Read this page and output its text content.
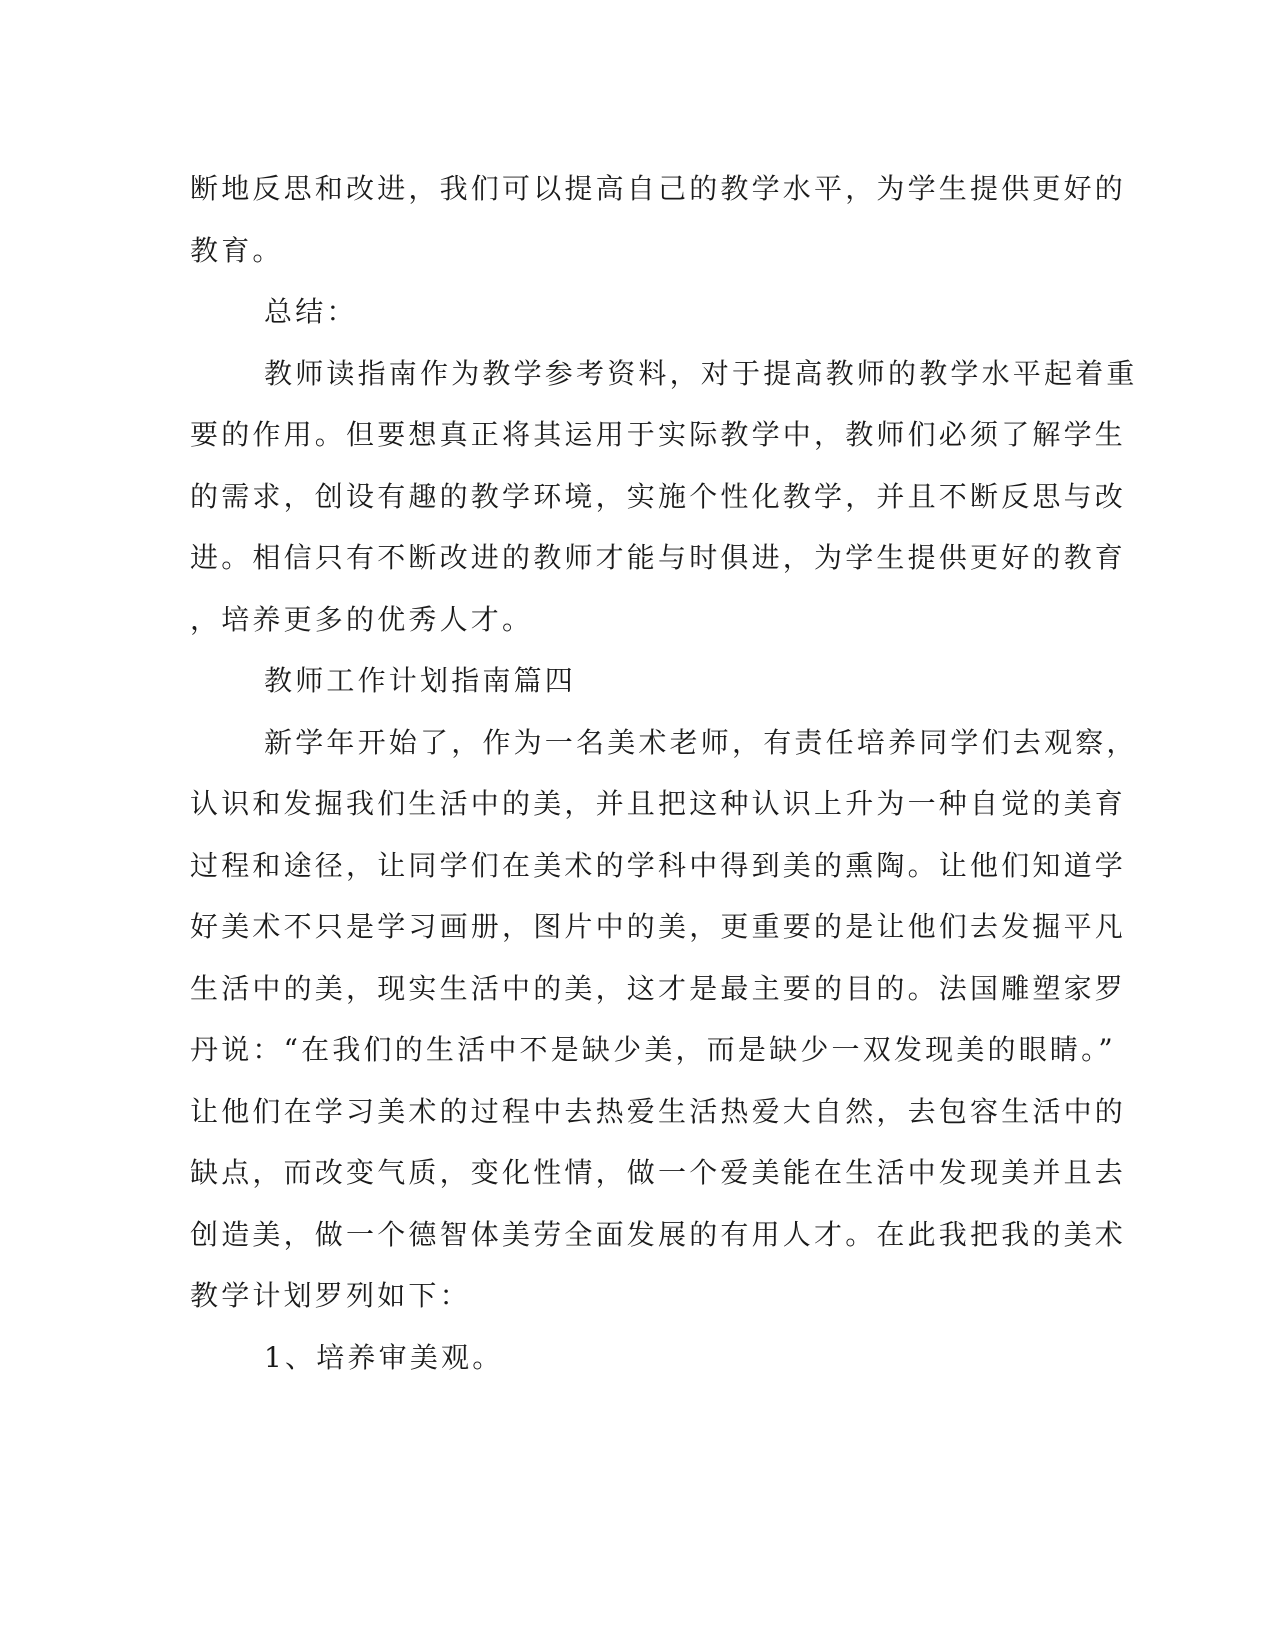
断地反思和改进，我们可以提高自己的教学水平，为学生提供更好的
教育。
总结：
教师读指南作为教学参考资料，对于提高教师的教学水平起着重
要的作用。但要想真正将其运用于实际教学中，教师们必须了解学生
的需求，创设有趣的教学环境，实施个性化教学，并且不断反思与改
进。相信只有不断改进的教师才能与时俱进，为学生提供更好的教育
，培养更多的优秀人才。
教师工作计划指南篇四
新学年开始了，作为一名美术老师，有责任培养同学们去观察，
认识和发掘我们生活中的美，并且把这种认识上升为一种自觉的美育
过程和途径，让同学们在美术的学科中得到美的熏陶。让他们知道学
好美术不只是学习画册，图片中的美，更重要的是让他们去发掘平凡
生活中的美，现实生活中的美，这才是最主要的目的。法国雕塑家罗
丹说：“在我们的生活中不是缺少美，而是缺少一双发现美的眼睛。”
让他们在学习美术的过程中去热爱生活热爱大自然，去包容生活中的
缺点，而改变气质，变化性情，做一个爱美能在生活中发现美并且去
创造美，做一个德智体美劳全面发展的有用人才。在此我把我的美术
教学计划罗列如下：
1、培养审美观。
